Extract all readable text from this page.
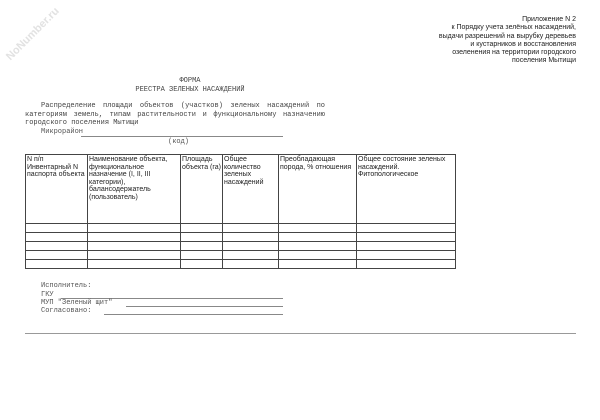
NoNumber.ru	Приложение N 2
к Порядку учета зелёных насаждений,
выдачи разрешений на вырубку деревьев
и кустарников и восстановления
озеленения на территории городского
поселения Мытищи
ФОРМА
РЕЕСТРА ЗЕЛЕНЫХ НАСАЖДЕНИЙ
Распределение площади объектов (участков) зеленых насаждений по категориям земель, типам растительности и функциональному назначению городского поселения Мытищи
Микрорайон
(код)
N п/п Инвентарный N паспорта объекта	Наименование объекта, функциональное назначение (I, II, III категории), балансодержатель (пользователь)	Площадь объекта (га)	Общее количество зеленых насаждений	Преобладающая порода, % отношения	Общее состояние зеленых насаждений. Фитопологическое

Исполнитель:
ГКУ
МУП "Зеленый щит"
Согласовано:
